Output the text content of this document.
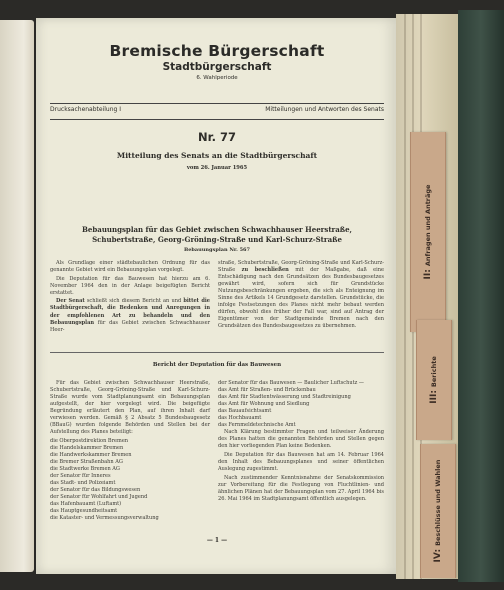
Bremische Bürgerschaft
Stadtbürgerschaft
6. Wahlperiode
Drucksachenabteilung I	Mitteilungen und Antworten des Senats
Nr. 77
Mitteilung des Senats an die Stadtbürgerschaft
vom 26. Januar 1965
Bebauungsplan für das Gebiet zwischen Schwachhauser Heerstraße,
Schubertstraße, Georg-Gröning-Straße und Karl-Schurz-Straße
Bebauungsplan Nr. 567

Als Grundlage einer städtebaulichen Ordnung für das genannte Gebiet wird ein Bebauungsplan vorgelegt.

Die Deputation für das Bauwesen hat hierzu am 6. November 1964 den in der Anlage beigefügten Bericht erstattet.

Der Senat schließt sich diesem Bericht an und bittet die Stadtbürgerschaft, die Bedenken und Anregungen in der empfohlenen Art zu behandeln und den Bebauungsplan für das Gebiet zwischen Schwachhauser Heer-

straße, Schubertstraße, Georg-Gröning-Straße und Karl-Schurz-Straße zu beschließen mit der Maßgabe, daß eine Entschädigung nach den Grundsätzen des Bundesbaugesetzes gewährt wird, sofern sich für Grundstücke Nutzungsbeschränkungen ergeben, die sich als Enteignung im Sinne des Artikels 14 Grundgesetz darstellen. Grundstücke, die infolge Festsetzungen des Planes nicht mehr bebaut werden dürfen, obwohl dies früher der Fall war, sind auf Antrag der Eigentümer von der Stadtgemeinde Bremen nach den Grundsätzen des Bundesbaugesetzes zu übernehmen.

Bericht der Deputation für das Bauwesen

Für das Gebiet zwischen Schwachhauser Heerstraße, Schubertstraße, Georg-Gröning-Straße und Karl-Schurz-Straße wurde vom Stadtplanungsamt ein Bebauungsplan aufgestellt, der hier vorgelegt wird. Die beigefügte Begründung erläutert den Plan, auf ihren Inhalt darf verwiesen werden. Gemäß § 2 Absatz 5 Bundesbaugesetz (BBauG) wurden folgende Behörden und Stellen bei der Aufstellung des Planes beteiligt:

die Oberpostdirektion Bremen
die Handelskammer Bremen
die Handwerkskammer Bremen
die Bremer Straßenbahn AG
die Stadtwerke Bremen AG
der Senator für Inneres
das Stadt- und Polizeiamt
der Senator für das Bildungswesen
der Senator für Wohlfahrt und Jugend
das Hafenbauamt (Luftamt)
das Hauptgesundheitsamt
die Kataster- und Vermessungsverwaltung
der Senator für das Bauwesen — Baulicher Luftschutz —
das Amt für Straßen- und Brückenbau
das Amt für Stadtentwässerung und Stadtreinigung
das Amt für Wohnung und Siedlung
das Bauaufsichtsamt
das Hochbauamt
das Fernmeldetechnische Amt

Nach Klärung bestimmter Fragen und teilweiser Änderung des Planes hatten die genannten Behörden und Stellen gegen den hier vorliegenden Plan keine Bedenken.

Die Deputation für das Bauwesen hat am 14. Februar 1964 den Inhalt des Bebauungsplanes und seiner öffentlichen Auslegung zugestimmt.

Nach zustimmender Kenntnisnahme der Senatskommission zur Vorbereitung für die Festlegung von Fluchtlinien- und ähnlichen Plänen hat der Bebauungsplan vom 27. April 1964 bis 26. Mai 1964 im Stadtplanungsamt öffentlich ausgelegen.

— 1 —
II:Anfragen und Anträge
III:Berichte
IV:Beschlüsse und Wahlen
